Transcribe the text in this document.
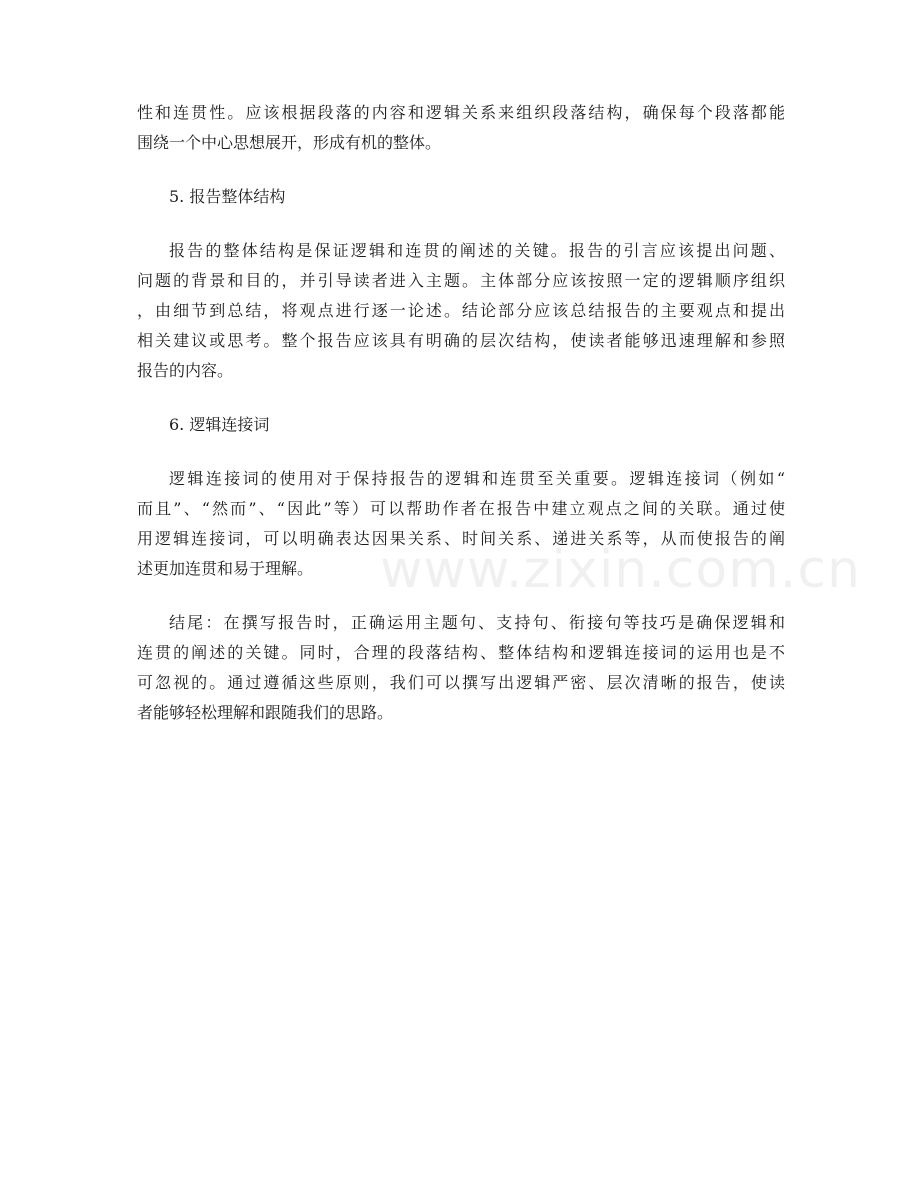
性和连贯性。应该根据段落的内容和逻辑关系来组织段落结构，确保每个段落都能
围绕一个中心思想展开，形成有机的整体。
5. 报告整体结构
报告的整体结构是保证逻辑和连贯的阐述的关键。报告的引言应该提出问题、
问题的背景和目的，并引导读者进入主题。主体部分应该按照一定的逻辑顺序组织
，由细节到总结，将观点进行逐一论述。结论部分应该总结报告的主要观点和提出
相关建议或思考。整个报告应该具有明确的层次结构，使读者能够迅速理解和参照
报告的内容。
6. 逻辑连接词
逻辑连接词的使用对于保持报告的逻辑和连贯至关重要。逻辑连接词（例如“
而且”、“然而”、“因此”等）可以帮助作者在报告中建立观点之间的关联。通过使
用逻辑连接词，可以明确表达因果关系、时间关系、递进关系等，从而使报告的阐
述更加连贯和易于理解。
结尾：在撰写报告时，正确运用主题句、支持句、衔接句等技巧是确保逻辑和
连贯的阐述的关键。同时，合理的段落结构、整体结构和逻辑连接词的运用也是不
可忽视的。通过遵循这些原则，我们可以撰写出逻辑严密、层次清晰的报告，使读
者能够轻松理解和跟随我们的思路。
www.zixin.com.cn
